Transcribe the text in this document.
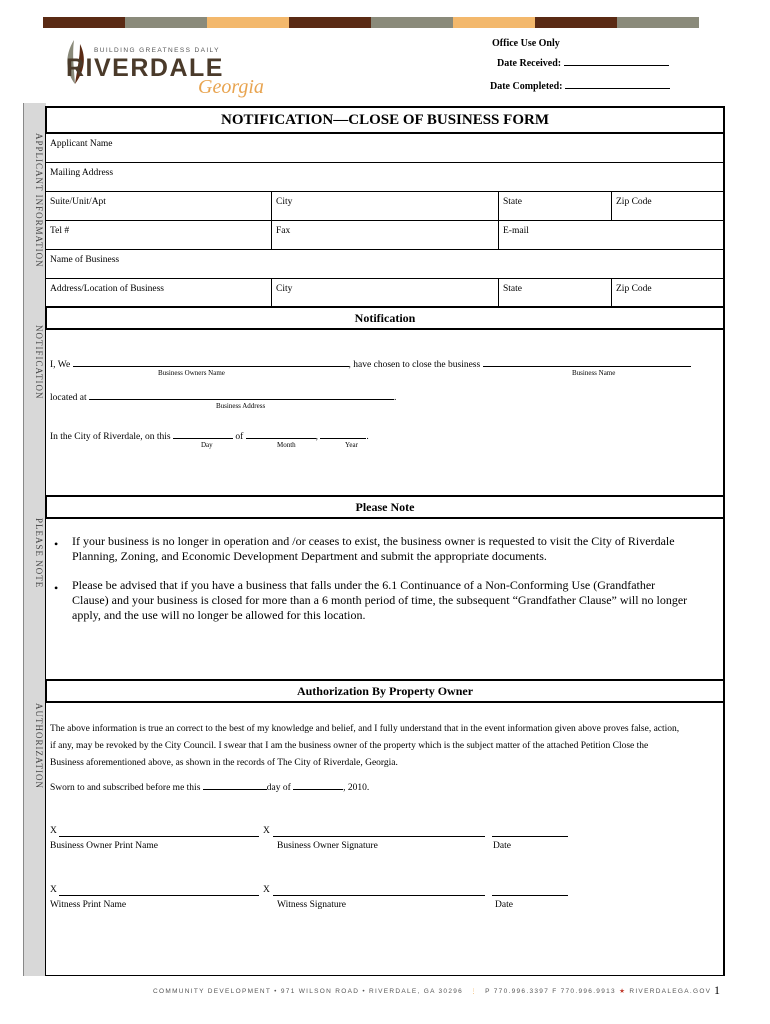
BUILDING GREATNESS DAILY
RIVERDALE
Georgia
Office Use Only
Date Received:
Date Completed:
APPLICANT INFORMATION
NOTIFICATION
PLEASE NOTE
AUTHORIZATION
NOTIFICATION—CLOSE OF BUSINESS FORM
Applicant Name
Mailing Address
Suite/Unit/Apt	City	State	Zip Code
Tel #	Fax	E-mail
Name of Business
Address/Location of Business	City	State	Zip Code
Notification
I, We	, have chosen to close the business
Business Owners Name	Business Name
located at	.
Business Address
In the City of Riverdale, on this	of	,	.
Day	Month	Year
Please Note
• If your business is no longer in operation and /or ceases to exist, the business owner is requested to visit the City of Riverdale
Planning, Zoning, and Economic Development Department and submit the appropriate documents.
• Please be advised that if you have a business that falls under the 6.1 Continuance of a Non-Conforming Use (Grandfather
Clause) and your business is closed for more than a 6 month period of time, the subsequent “Grandfather Clause” will no longer
apply, and the use will no longer be allowed for this location.
Authorization By Property Owner
The above information is true an correct to the best of my knowledge and belief, and I fully understand that in the event information given above proves false, action,
if any, may be revoked by the City Council. I swear that I am the business owner of the property which is the subject matter of the attached Petition Close the
Business aforementioned above, as shown in the records of The City of Riverdale, Georgia.
Sworn to and subscribed before me this	day of	, 2010.
X	X
Business Owner Print Name	Business Owner Signature	Date
X	X
Witness Print Name	Witness Signature	Date
COMMUNITY DEVELOPMENT • 971 WILSON ROAD • RIVERDALE, GA 30296 ⋮ P 770.996.3397 F 770.996.9913 ★ RIVERDALEGA.GOV 1
